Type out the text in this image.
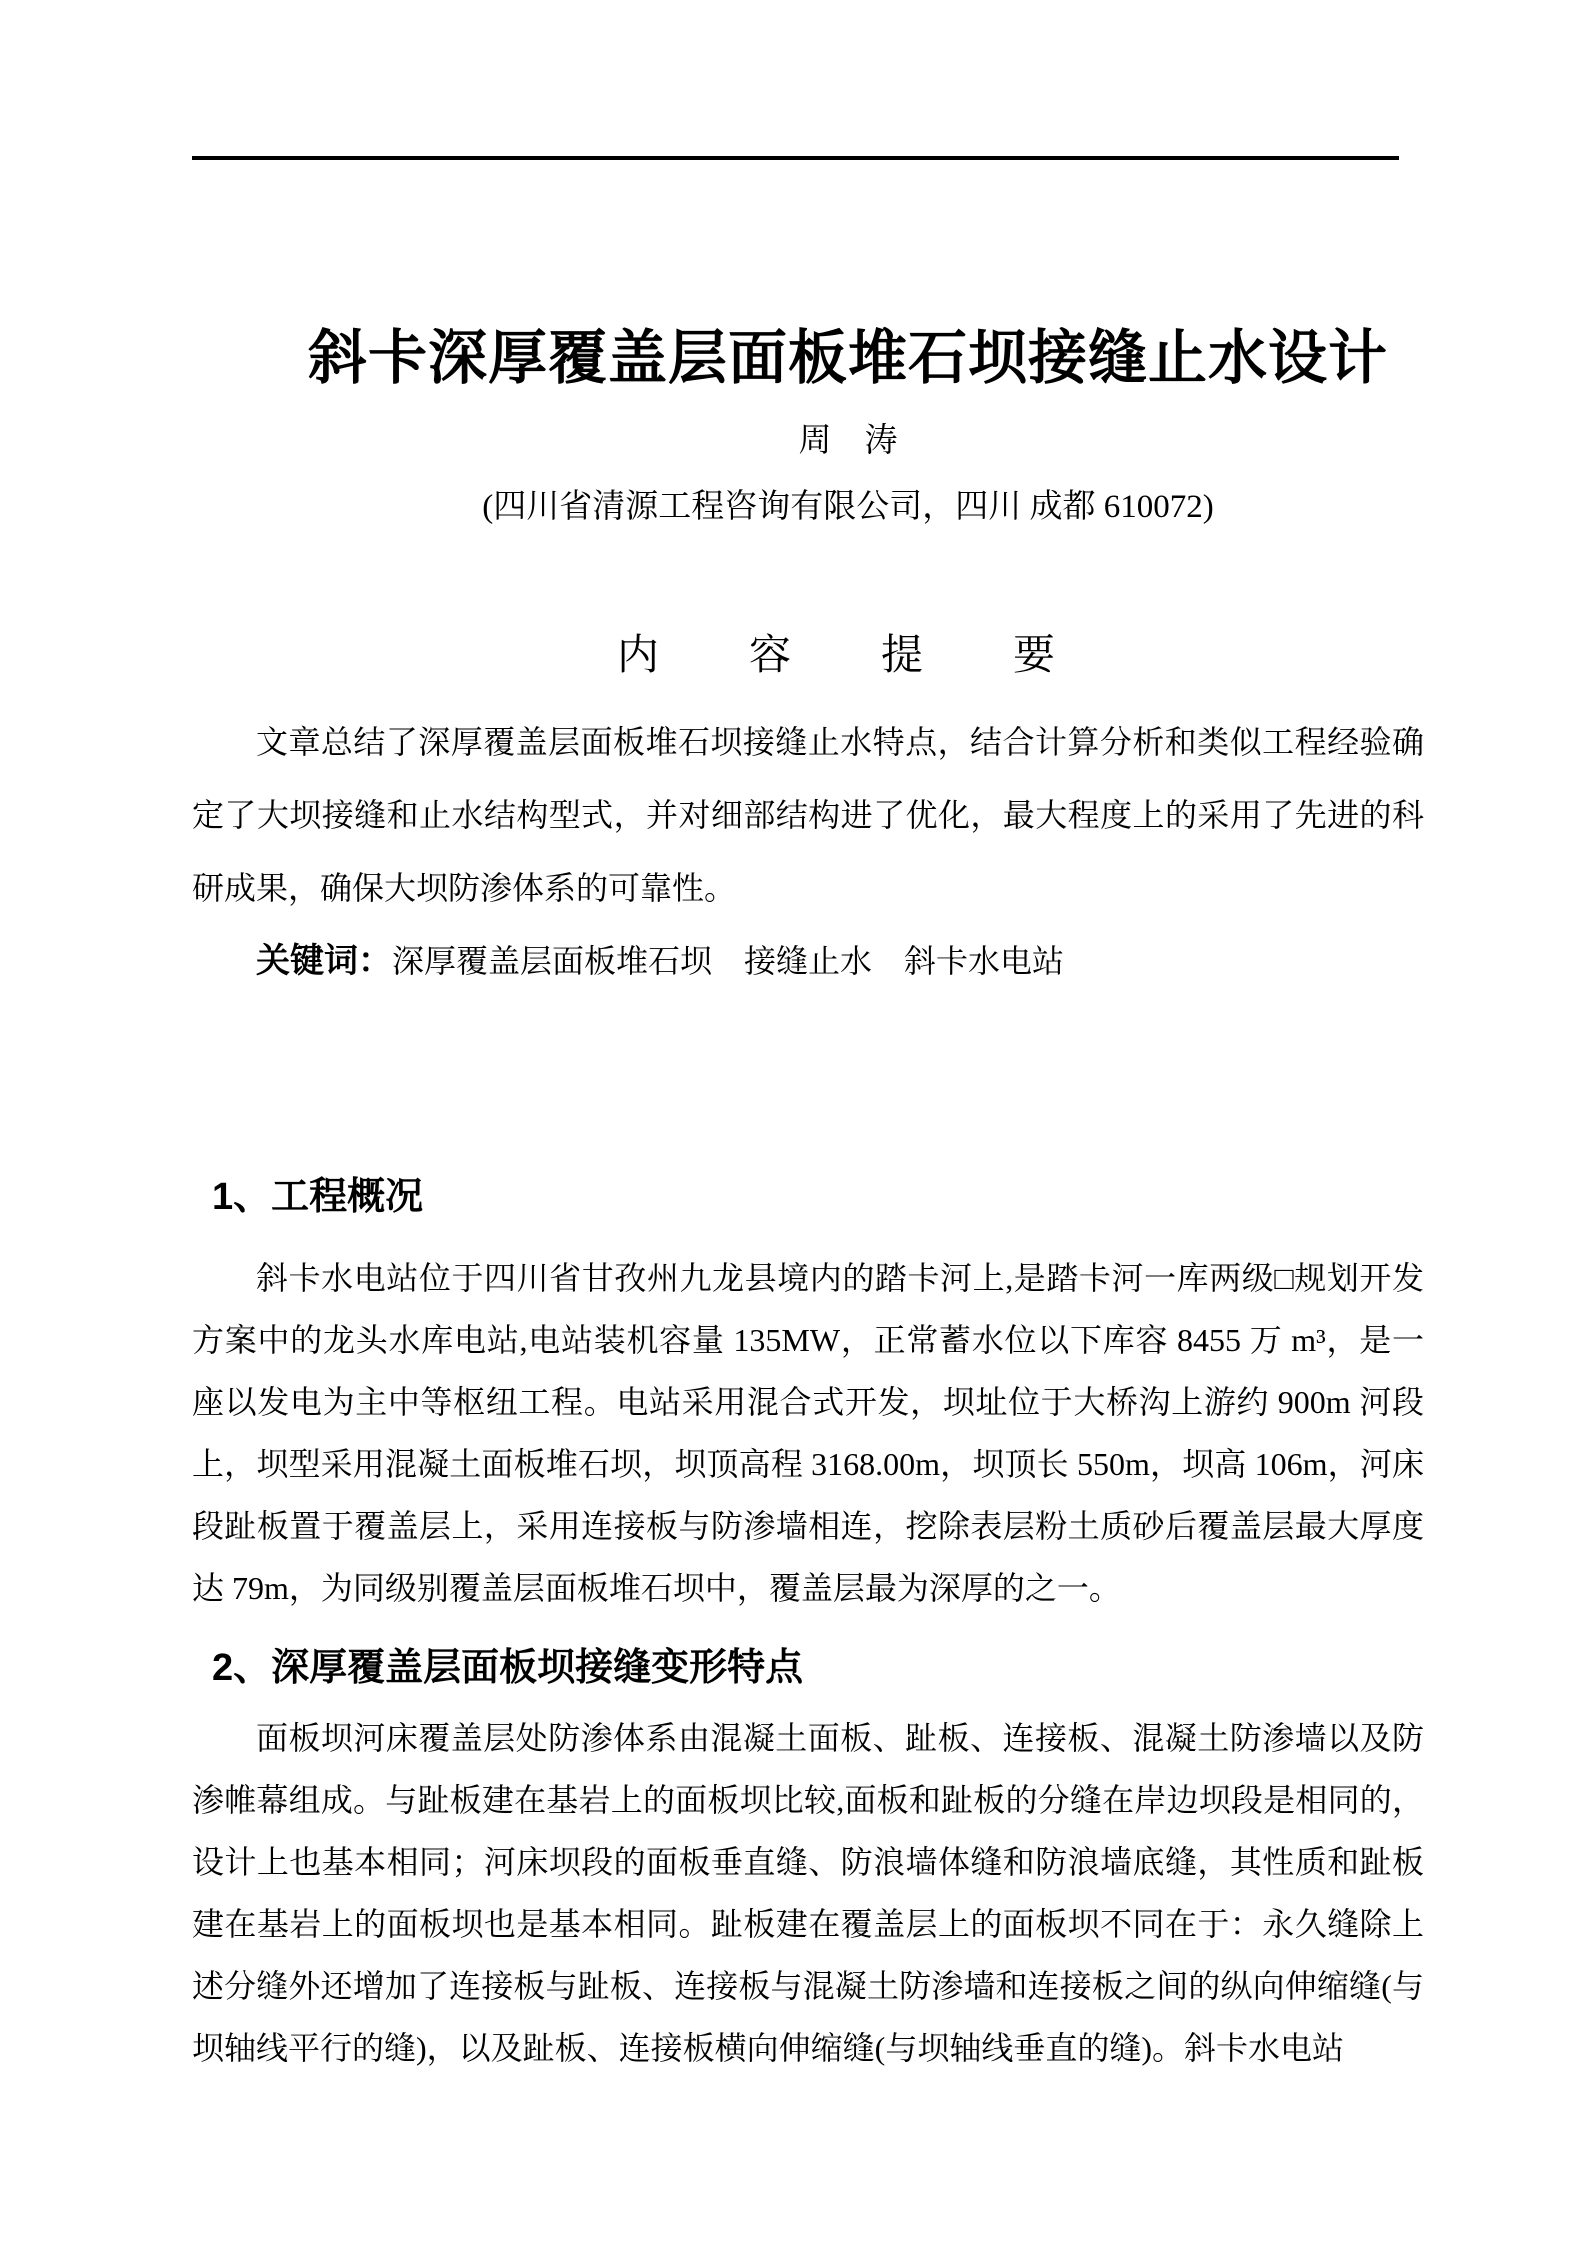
斜卡深厚覆盖层面板堆石坝接缝止水设计
周　涛
(四川省清源工程咨询有限公司，四川 成都 610072)
内　容　提　要

文章总结了深厚覆盖层面板堆石坝接缝止水特点，结合计算分析和类似工程经验确定了大坝接缝和止水结构型式，并对细部结构进了优化，最大程度上的采用了先进的科研成果，确保大坝防渗体系的可靠性。

关键词：深厚覆盖层面板堆石坝　接缝止水　斜卡水电站
1、工程概况

斜卡水电站位于四川省甘孜州九龙县境内的踏卡河上,是踏卡河一库两级□规划开发方案中的龙头水库电站,电站装机容量 135MW，正常蓄水位以下库容 8455 万 m³，是一座以发电为主中等枢纽工程。电站采用混合式开发，坝址位于大桥沟上游约 900m 河段上，坝型采用混凝土面板堆石坝，坝顶高程 3168.00m，坝顶长 550m，坝高 106m，河床段趾板置于覆盖层上，采用连接板与防渗墙相连，挖除表层粉土质砂后覆盖层最大厚度达 79m，为同级别覆盖层面板堆石坝中，覆盖层最为深厚的之一。

2、深厚覆盖层面板坝接缝变形特点

面板坝河床覆盖层处防渗体系由混凝土面板、趾板、连接板、混凝土防渗墙以及防渗帷幕组成。与趾板建在基岩上的面板坝比较,面板和趾板的分缝在岸边坝段是相同的，设计上也基本相同；河床坝段的面板垂直缝、防浪墙体缝和防浪墙底缝，其性质和趾板建在基岩上的面板坝也是基本相同。趾板建在覆盖层上的面板坝不同在于：永久缝除上述分缝外还增加了连接板与趾板、连接板与混凝土防渗墙和连接板之间的纵向伸缩缝(与坝轴线平行的缝)，以及趾板、连接板横向伸缩缝(与坝轴线垂直的缝)。斜卡水电站
